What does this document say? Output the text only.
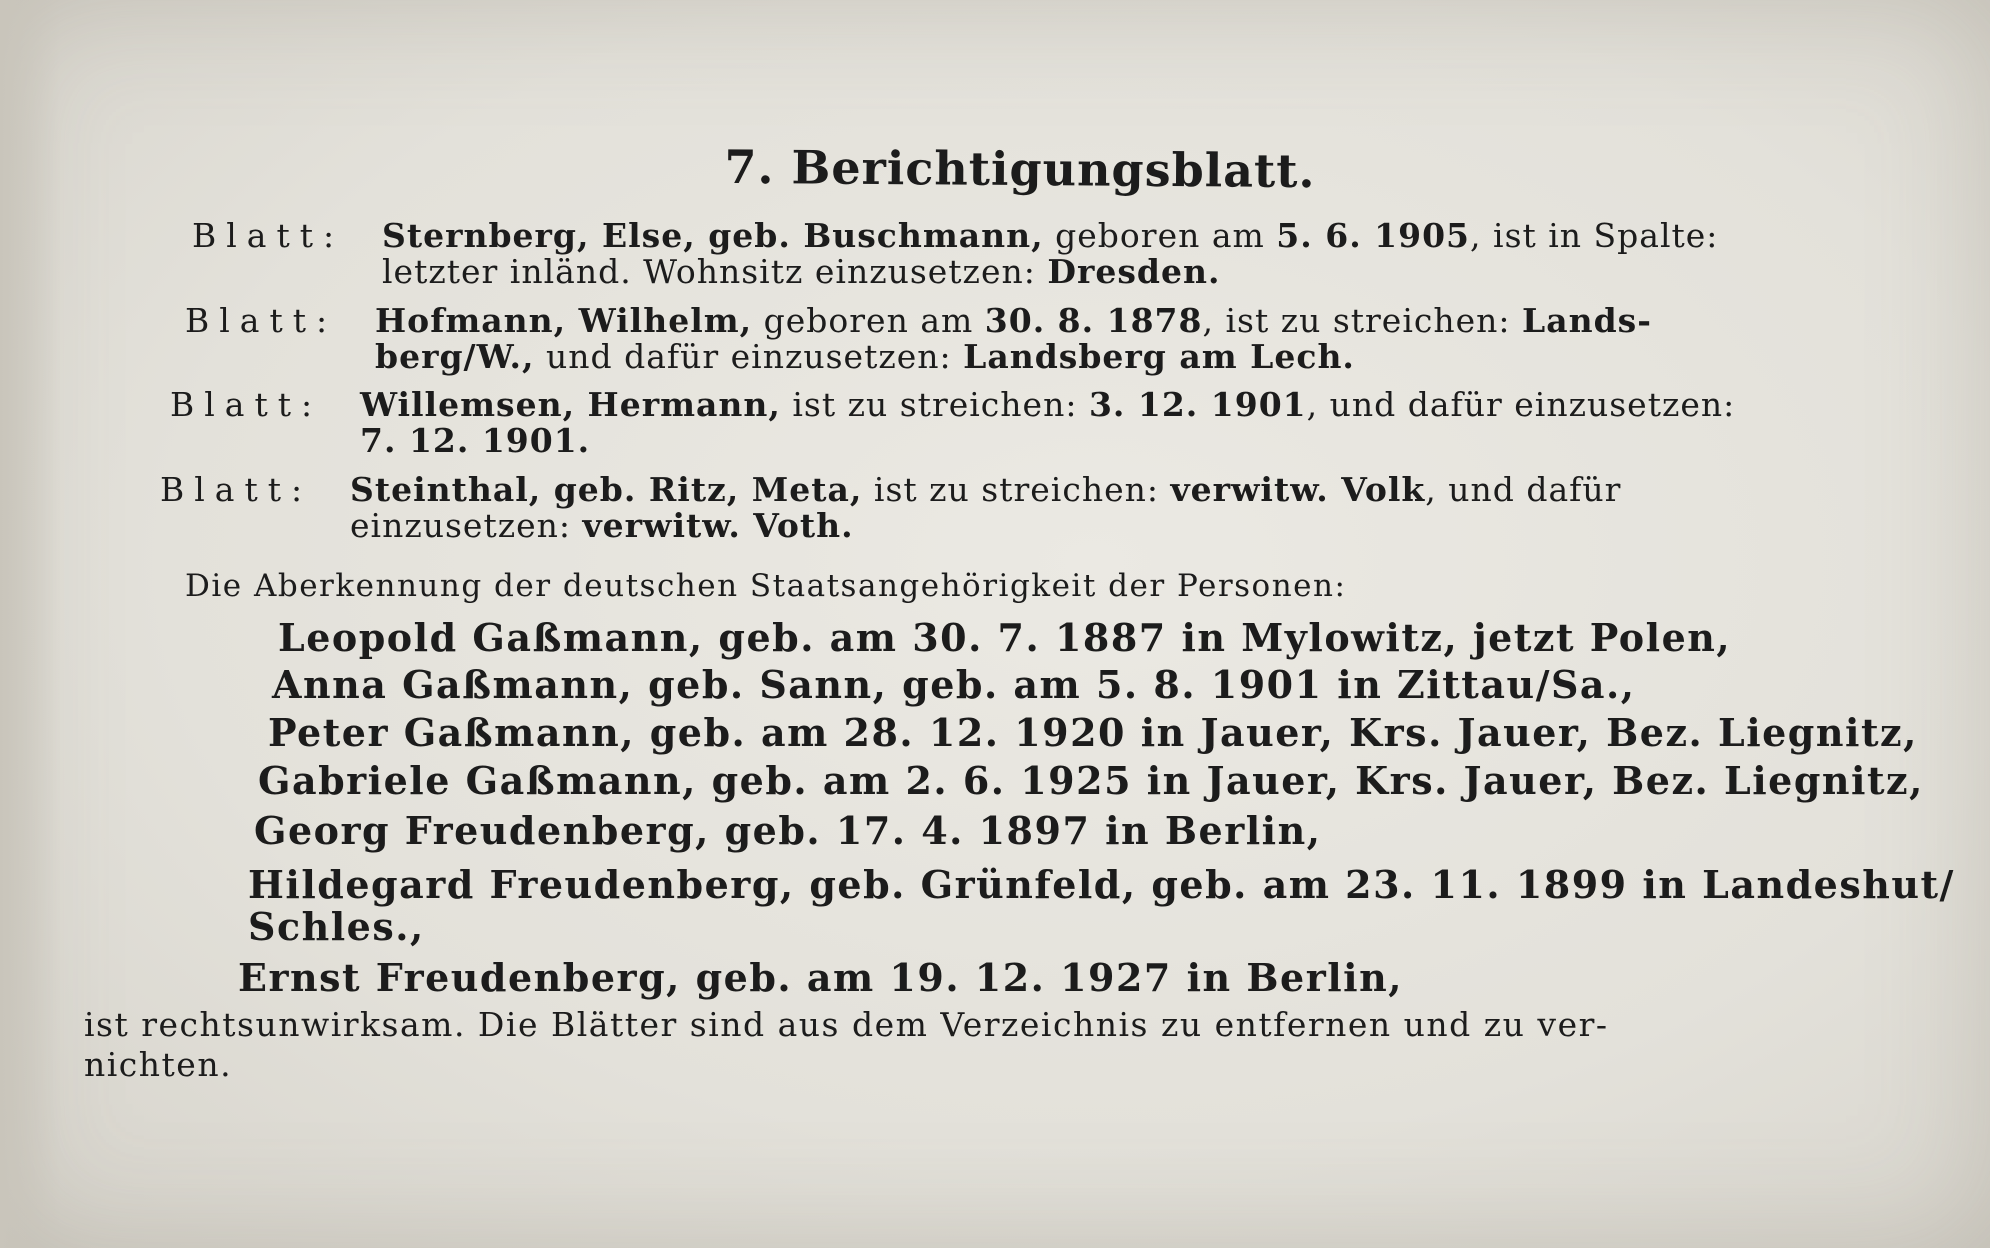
7. Berichtigungsblatt.
Blatt: Sternberg, Else, geb. Buschmann, geboren am 5. 6. 1905, ist in Spalte:
letzter inländ. Wohnsitz einzusetzen: Dresden.
Blatt: Hofmann, Wilhelm, geboren am 30. 8. 1878, ist zu streichen: Lands-
berg/W., und dafür einzusetzen: Landsberg am Lech.
Blatt: Willemsen, Hermann, ist zu streichen: 3. 12. 1901, und dafür einzusetzen:
7. 12. 1901.
Blatt: Steinthal, geb. Ritz, Meta, ist zu streichen: verwitw. Volk, und dafür
einzusetzen: verwitw. Voth.
Die Aberkennung der deutschen Staatsangehörigkeit der Personen:
Leopold Gaßmann, geb. am 30. 7. 1887 in Mylowitz, jetzt Polen,
Anna Gaßmann, geb. Sann, geb. am 5. 8. 1901 in Zittau/Sa.,
Peter Gaßmann, geb. am 28. 12. 1920 in Jauer, Krs. Jauer, Bez. Liegnitz,
Gabriele Gaßmann, geb. am 2. 6. 1925 in Jauer, Krs. Jauer, Bez. Liegnitz,
Georg Freudenberg, geb. 17. 4. 1897 in Berlin,
Hildegard Freudenberg, geb. Grünfeld, geb. am 23. 11. 1899 in Landeshut/
Schles.,
Ernst Freudenberg, geb. am 19. 12. 1927 in Berlin,
ist rechtsunwirksam. Die Blätter sind aus dem Verzeichnis zu entfernen und zu ver-
nichten.
